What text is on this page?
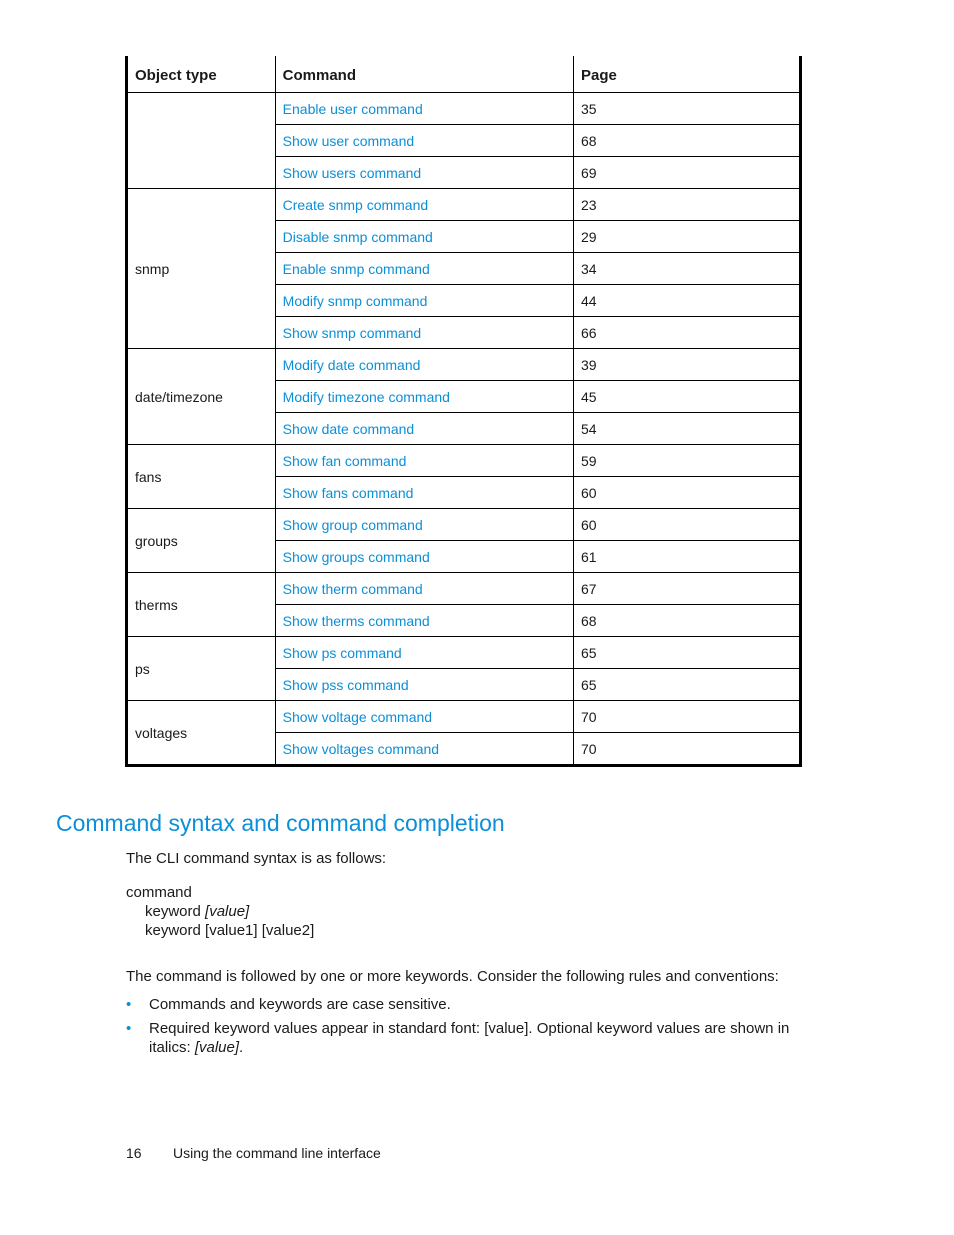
Object type	Command	Page
	Enable user command	35
	Show user command	68
	Show users command	69
snmp	Create snmp command	23
	Disable snmp command	29
	Enable snmp command	34
	Modify snmp command	44
	Show snmp command	66
date/timezone	Modify date command	39
	Modify timezone command	45
	Show date command	54
fans	Show fan command	59
	Show fans command	60
groups	Show group command	60
	Show groups command	61
therms	Show therm command	67
	Show therms command	68
ps	Show ps command	65
	Show pss command	65
voltages	Show voltage command	70
	Show voltages command	70
Command syntax and command completion

The CLI command syntax is as follows:

command
keyword [value]
keyword [value1] [value2]

The command is followed by one or more keywords. Consider the following rules and conventions:

• Commands and keywords are case sensitive.
• Required keyword values appear in standard font: [value]. Optional keyword values are shown in italics: [value].
16 Using the command line interface
